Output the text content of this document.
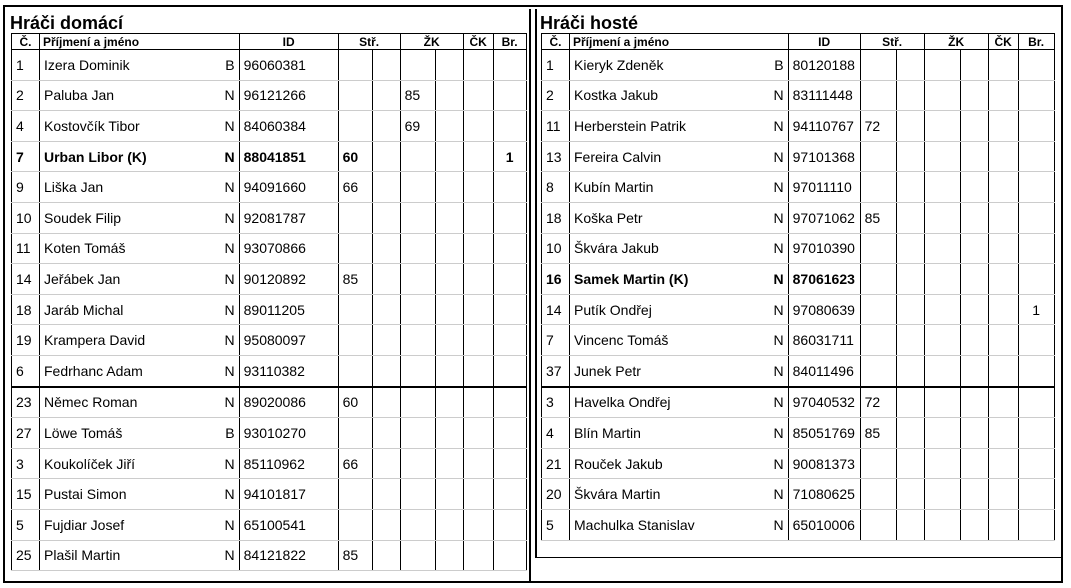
Hráči domácí
Č.	Příjmení a jméno		ID	Stř.		ŽK		ČK	Br.
1	Izera Dominik	B	96060381						
2	Paluba Jan	N	96121266			85			
4	Kostovčík Tibor	N	84060384			69			
7	Urban Libor (K)	N	88041851	60					1
9	Liška Jan	N	94091660	66					
10	Soudek Filip	N	92081787						
11	Koten Tomáš	N	93070866						
14	Jeřábek Jan	N	90120892	85					
18	Jaráb Michal	N	89011205						
19	Krampera David	N	95080097						
6	Fedrhanc Adam	N	93110382						
23	Němec Roman	N	89020086	60					
27	Löwe Tomáš	B	93010270						
3	Koukolíček Jiří	N	85110962	66					
15	Pustai Simon	N	94101817						
5	Fujdiar Josef	N	65100541						
25	Plašil Martin	N	84121822	85					
Hráči hosté
Č.	Příjmení a jméno		ID	Stř.		ŽK		ČK	Br.
1	Kieryk Zdeněk	B	80120188						
2	Kostka Jakub	N	83111448						
11	Herberstein Patrik	N	94110767	72					
13	Fereira Calvin	N	97101368						
8	Kubín Martin	N	97011110						
18	Koška Petr	N	97071062	85					
10	Škvára Jakub	N	97010390						
16	Samek Martin (K)	N	87061623						
14	Putík Ondřej	N	97080639						1
7	Vincenc Tomáš	N	86031711						
37	Junek Petr	N	84011496						
3	Havelka Ondřej	N	97040532	72					
4	Blín Martin	N	85051769	85					
21	Rouček Jakub	N	90081373						
20	Škvára Martin	N	71080625						
5	Machulka Stanislav	N	65010006						
